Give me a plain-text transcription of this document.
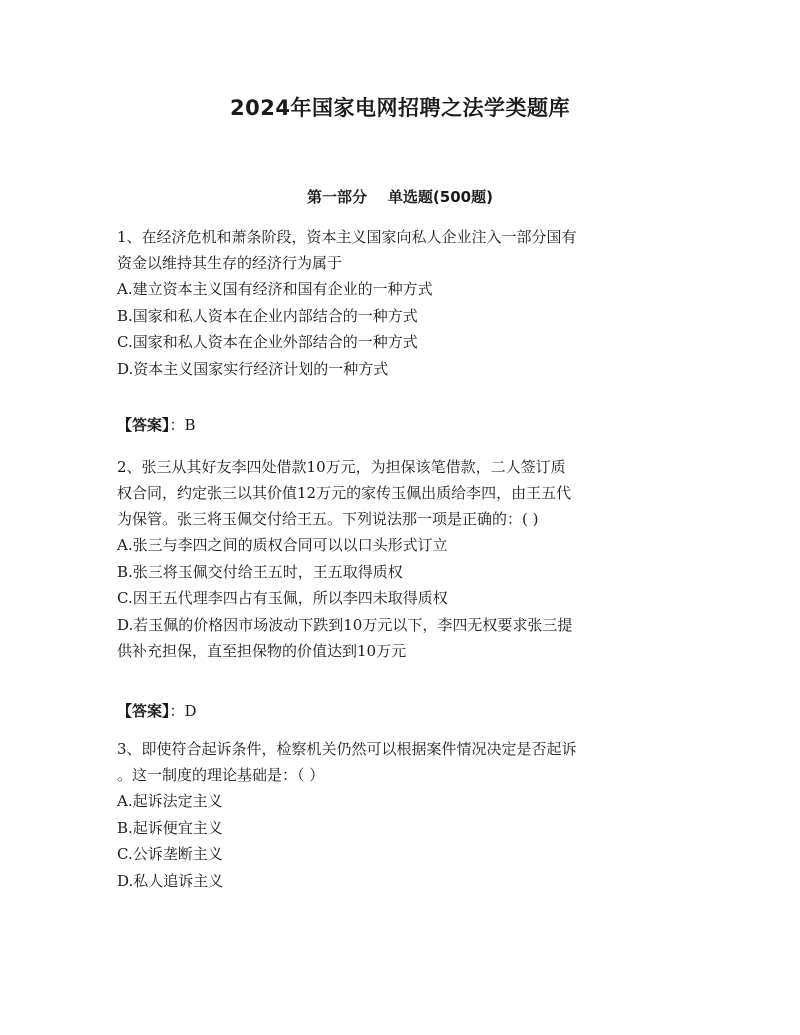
2024年国家电网招聘之法学类题库
第一部分    单选题(500题)

1、在经济危机和萧条阶段，资本主义国家向私人企业注入一部分国有
资金以维持其生存的经济行为属于

A.建立资本主义国有经济和国有企业的一种方式

B.国家和私人资本在企业内部结合的一种方式

C.国家和私人资本在企业外部结合的一种方式

D.资本主义国家实行经济计划的一种方式

【答案】：B

2、张三从其好友李四处借款10万元，为担保该笔借款，二人签订质
权合同，约定张三以其价值12万元的家传玉佩出质给李四，由王五代
为保管。张三将玉佩交付给王五。下列说法那一项是正确的：( )

A.张三与李四之间的质权合同可以以口头形式订立

B.张三将玉佩交付给王五时，王五取得质权

C.因王五代理李四占有玉佩，所以李四未取得质权

D.若玉佩的价格因市场波动下跌到10万元以下，李四无权要求张三提
供补充担保，直至担保物的价值达到10万元

【答案】：D

3、即使符合起诉条件，检察机关仍然可以根据案件情况决定是否起诉
。这一制度的理论基础是：（ ）

A.起诉法定主义

B.起诉便宜主义

C.公诉垄断主义

D.私人追诉主义
